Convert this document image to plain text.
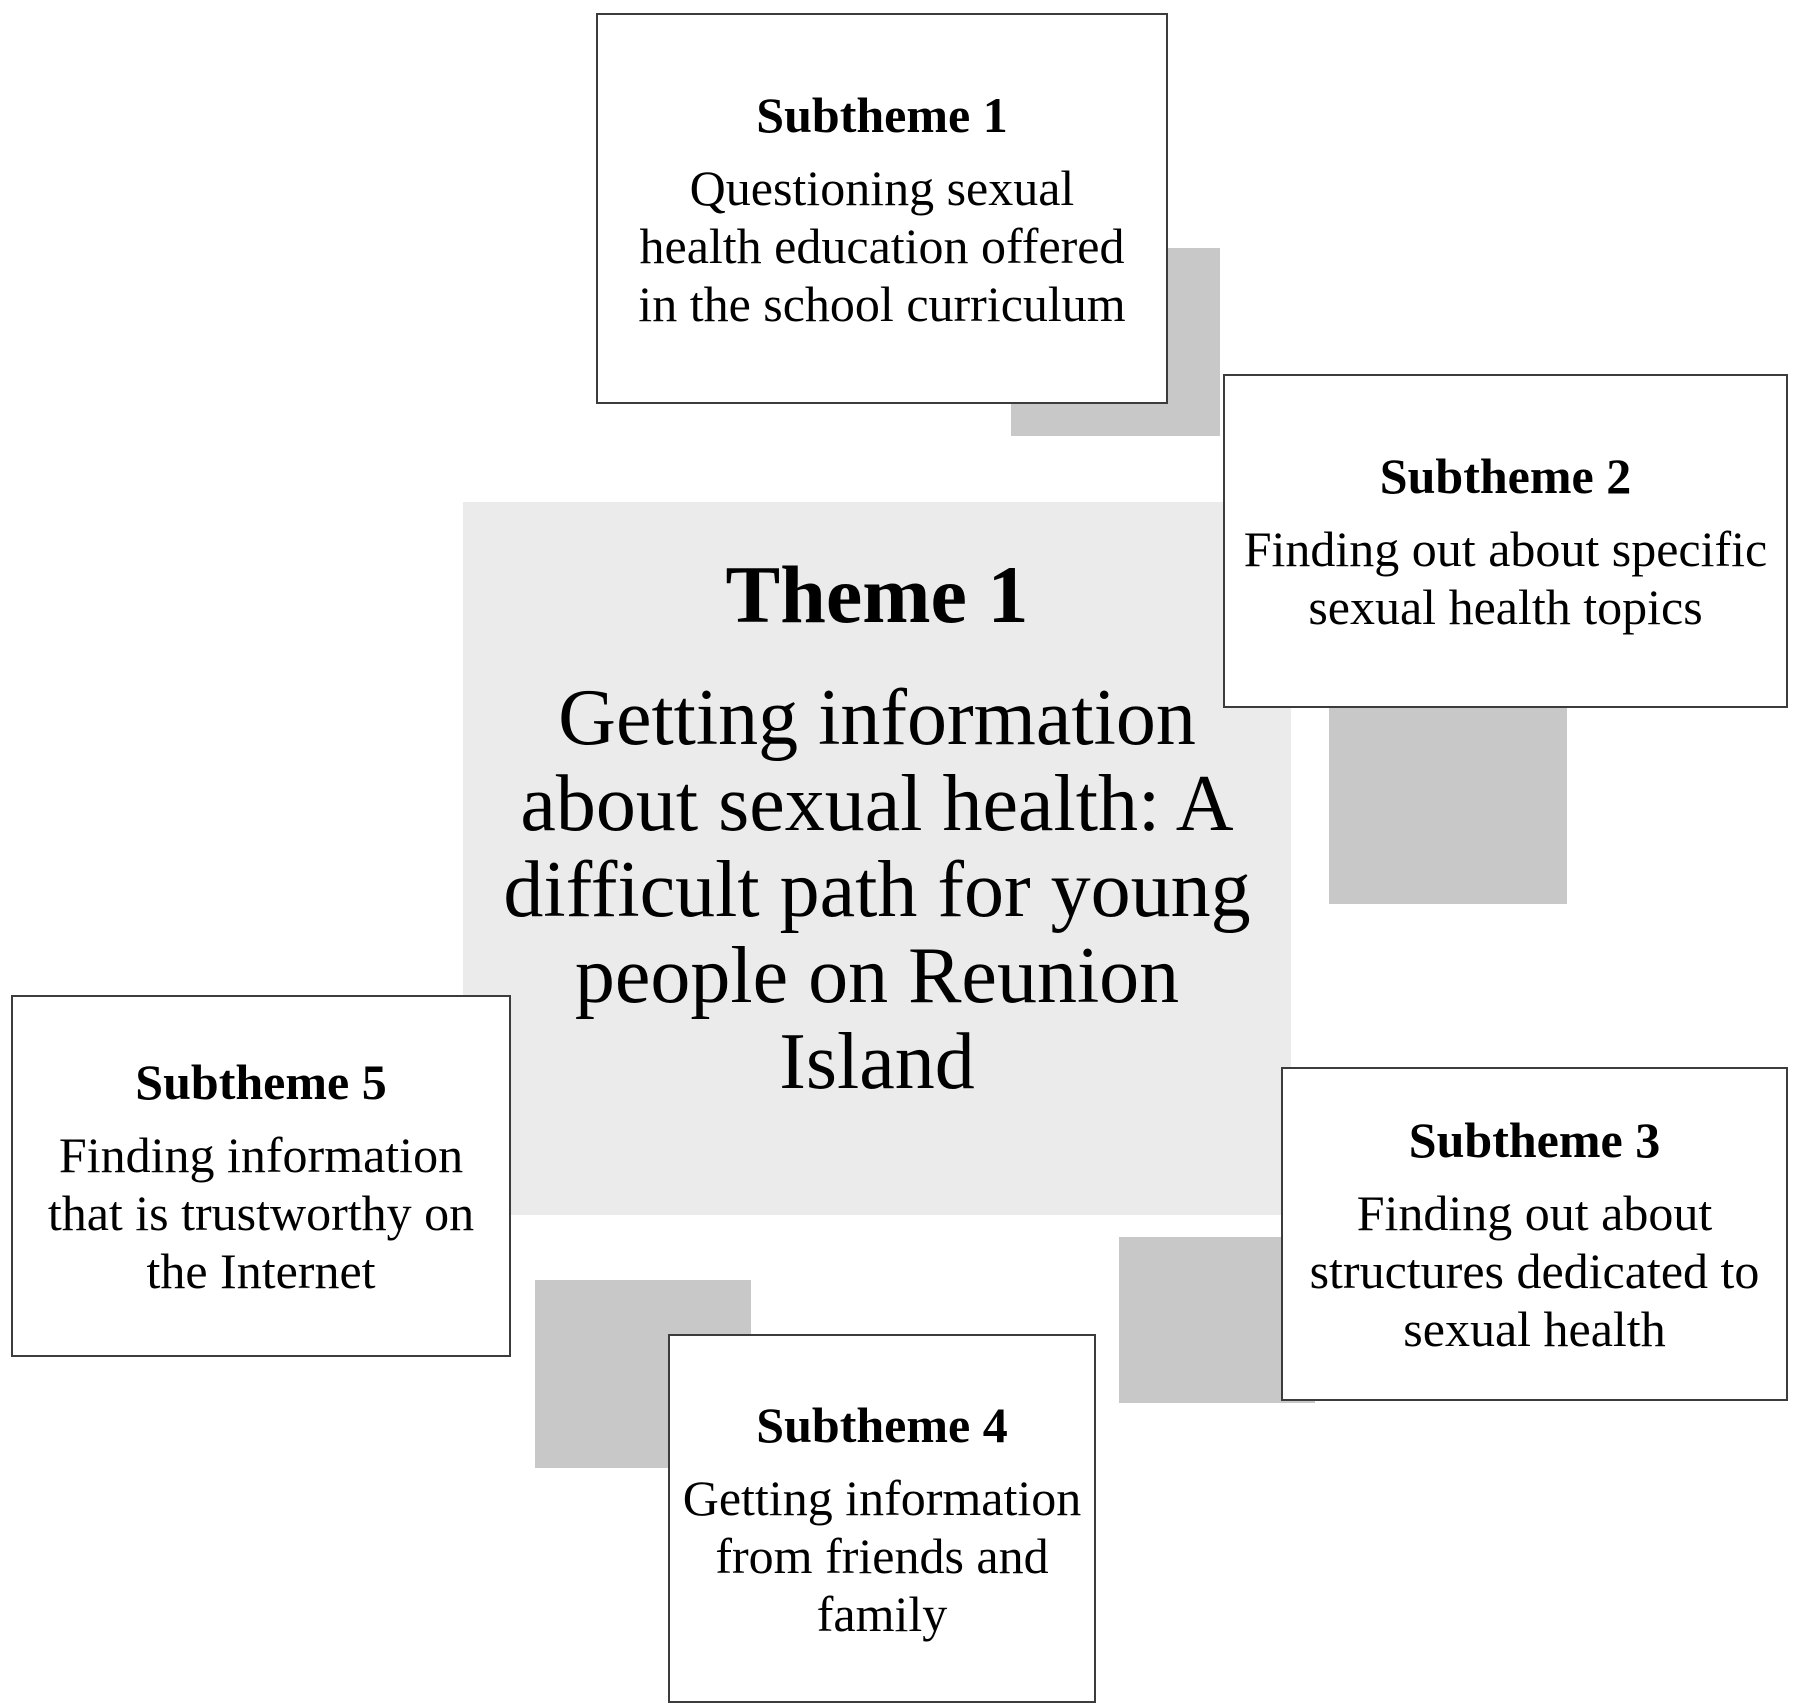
Theme 1
Getting information about sexual health: A difficult path for young people on Reunion Island
Subtheme 1
Questioning sexual health education offered in the school curriculum
Subtheme 2
Finding out about specific sexual health topics
Subtheme 3
Finding out about structures dedicated to sexual health
Subtheme 4
Getting information from friends and family
Subtheme 5
Finding information that is trustworthy on the Internet
